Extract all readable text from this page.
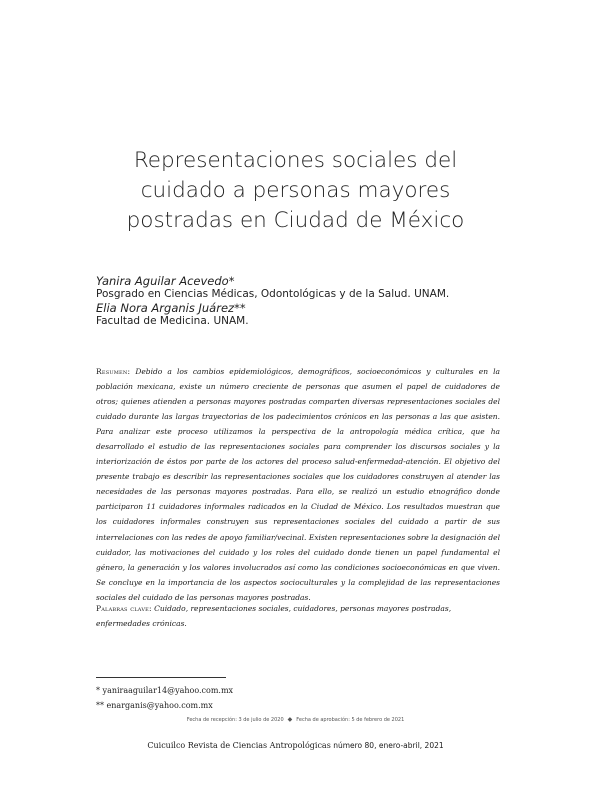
Representaciones sociales del
cuidado a personas mayores
postradas en Ciudad de México
Yanira Aguilar Acevedo*
Posgrado en Ciencias Médicas, Odontológicas y de la Salud. UNAM.
Elia Nora Arganis Juárez**
Facultad de Medicina. UNAM.
Resumen: Debido a los cambios epidemiológicos, demográficos, socioeconómicos y culturales en la población mexicana, existe un número creciente de personas que asumen el papel de cuidadores de otros; quienes atienden a personas mayores postradas comparten diversas representaciones sociales del cuidado durante las largas trayectorias de los padecimientos crónicos en las personas a las que asisten. Para analizar este proceso utilizamos la perspectiva de la antropología médica crítica, que ha desarrollado el estudio de las representaciones sociales para comprender los discursos sociales y la interiorización de éstos por parte de los actores del proceso salud-enfermedad-atención. El objetivo del presente trabajo es describir las representaciones sociales que los cuidadores construyen al atender las necesidades de las personas mayores postradas. Para ello, se realizó un estudio etnográfico donde participaron 11 cuidadores informales radicados en la Ciudad de México. Los resultados muestran que los cuidadores informales construyen sus representaciones sociales del cuidado a partir de sus interrelaciones con las redes de apoyo familiar/vecinal. Existen representaciones sobre la designación del cuidador, las motivaciones del cuidado y los roles del cuidado donde tienen un papel fundamental el género, la generación y los valores involucrados así como las condiciones socioeconómicas en que viven. Se concluye en la importancia de los aspectos socioculturales y la complejidad de las representaciones sociales del cuidado de las personas mayores postradas.
Palabras clave: Cuidado, representaciones sociales, cuidadores, personas mayores postradas, enfermedades crónicas.
* yaniraaguilar14@yahoo.com.mx
** enarganis@yahoo.com.mx
Fecha de recepción: 3 de julio de 2020 ◆ Fecha de aprobación: 5 de febrero de 2021
Cuicuilco Revista de Ciencias Antropológicas número 80, enero-abril, 2021
